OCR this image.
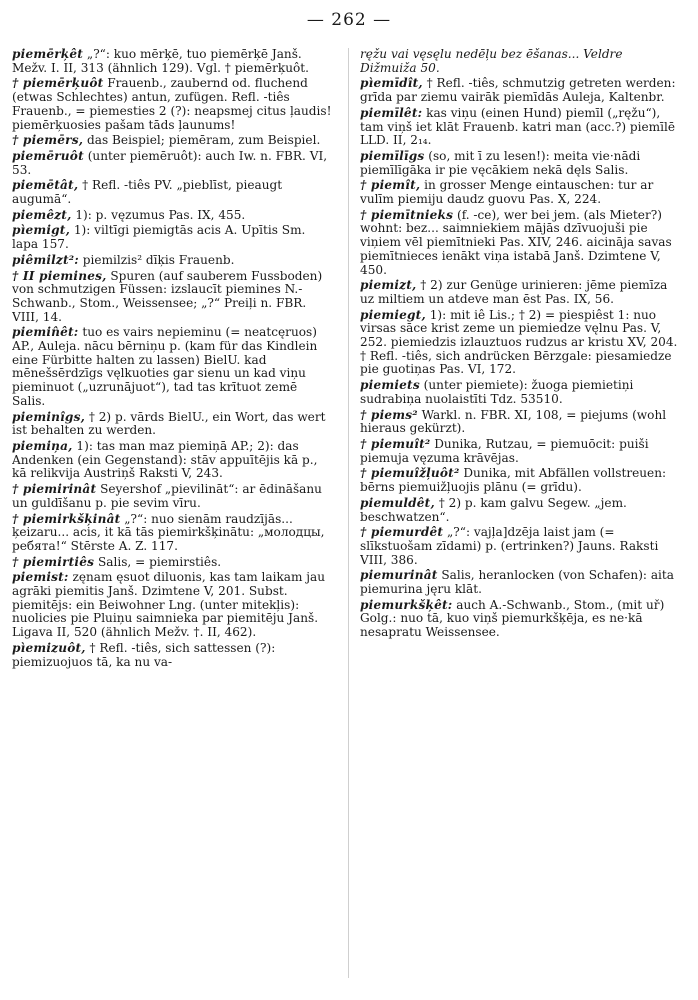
— 262 —

piemērķêt „?“: kuo mērķē, tuo piemērķē Janš. Mežv. I. II, 313 (ähnlich 129). Vgl. † piemērķuôt.

† piemērķuôt Frauenb., zaubernd od. fluchend (etwas Schlechtes) antun, zufügen. Refl. -tiês Frauenb., = piemesties 2 (?): neapsmej citus ļaudis! piemērķuosies pašam tāds ļaunums!

† piemērs, das Beispiel; piemēram, zum Beispiel.

piemēruôt (unter piemēruôt): auch Iw. n. FBR. VI, 53.

piemētât, † Refl. -tiês PV. „pieblīst, pieaugt augumā“.

piemêzt, 1): p. vęzumus Pas. IX, 455.

pìemigt, 1): viltīgi piemigtās acis A. Upītis Sm. lapa 157.

piêmilzt²: piemilzis² dīķis Frauenb.

† II piemines, Spuren (auf sauberem Fussboden) von schmutzigen Füssen: izslaucīt piemines N.-Schwanb., Stom., Weissensee; „?“ Preiļi n. FBR. VIII, 14.

piemin̂êt: tuo es vairs nepieminu (= neatcęruos) AP., Auleja. nācu bērniņu p. (kam für das Kindlein eine Fürbitte halten zu lassen) BielU. kad mēnešsērdzīgs vęlkuoties gar sienu un kad viņu pieminuot („uzrunājuot“), tad tas krītuot zemē Salis.

pieminîgs, † 2) p. vārds BielU., ein Wort, das wert ist behalten zu werden.

piemiņa, 1): tas man maz piemiņā AP.; 2): das Andenken (ein Gegenstand): stāv appuītējis kā p., kā relikvija Austriņš Raksti V, 243.

† piemirinât Seyershof „pievilināt“: ar ēdināšanu un guldīšanu p. pie sevim vīru.

† piemirkšķinât „?“: nuo sienām raudzījās... ķeizaru... acis, it kā tās piemirkšķinātu: „молодцы, ребята!“ Stērste A. Z. 117.

† piemirtiês Salis, = piemirstiês.

piemist: zęnam ęsuot diluonis, kas tam laikam jau agrāki piemitis Janš. Dzimtene V, 201. Subst. piemitējs: ein Beiwohner Lng. (unter mitekļis): nuolicies pie Pluiņu saimnieka par piemitēju Janš. Ligava II, 520 (ähnlich Mežv. †. II, 462).

pìemizuôt, † Refl. -tiês, sich sattessen (?): piemizuojuos tā, ka nu va-

ręžu vai vęsęlu nedēļu bez ēšanas... Veldre Dižmuiža 50.

pìemīdît, † Refl. -tiês, schmutzig getreten werden: grīda par ziemu vairāk piemīdās Auleja, Kaltenbr.

piemīlêt: kas viņu (einen Hund) piemīl („ręžu“), tam viņš iet klāt Frauenb. katri man (acc.?) piemīlē LLD. II, 2₁₄.

piemīlīgs (so, mit ī zu lesen!): meita vie·nādi piemīlīgāka ir pie vęcākiem nekā dęls Salis.

† piemît, in grosser Menge eintauschen: tur ar vulīm piemiju daudz guovu Pas. X, 224.

† piemītnieks (f. -ce), wer bei jem. (als Mieter?) wohnt: bez... saimniekiem mājās dzīvuojuši pie viņiem vēl piemītnieki Pas. XIV, 246. aicināja savas piemītnieces ienākt viņa istabā Janš. Dzimtene V, 450.

piemizt, † 2) zur Genüge urinieren: jēme piemīza uz miltiem un atdeve man ēst Pas. IX, 56.

piemiegt, 1): mit iê Lis.; † 2) = piespiêst 1: nuo virsas sāce krist zeme un piemiedze vęlnu Pas. V, 252. piemiedzis izlauztuos rudzus ar kristu XV, 204. † Refl. -tiês, sich andrücken Bērzgale: piesamiedze pie guotiņas Pas. VI, 172.

piemiets (unter piemiete): žuoga piemietiņi sudrabiņa nuolaistīti Tdz. 53510.

† piems² Warkl. n. FBR. XI, 108, = piejums (wohl hieraus gekürzt).

† piemuît² Dunika, Rutzau, = piemuōcit: puiši piemuja vęzuma krāvējas.

† piemuîžļuôt² Dunika, mit Abfällen vollstreuen: bērns piemuižļuojis plānu (= grīdu).

piemuldêt, † 2) p. kam galvu Segew. „jem. beschwatzen“.

† piemurdêt „?“: vajļa]dzēja laist jam (= slīkstuošam zīdami) p. (ertrinken?) Jauns. Raksti VIII, 386.

piemurinât Salis, heranlocken (von Schafen): aita piemurina jęru klāt.

piemurkšķêt: auch A.-Schwanb., Stom., (mit uř) Golg.: nuo tā, kuo viņš piemurkšķēja, es ne·kā nesapratu Weissensee.
